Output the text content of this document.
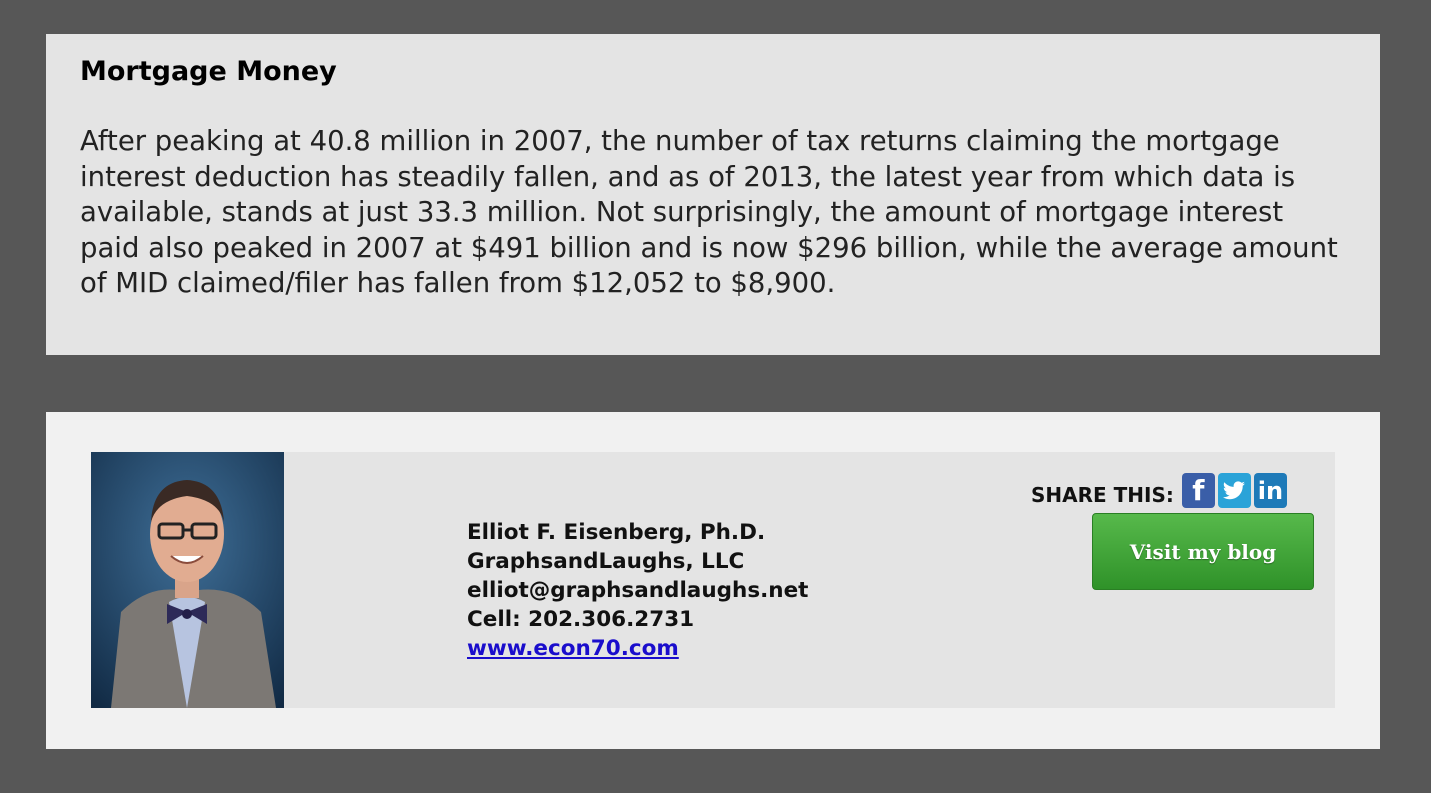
Mortgage Money

After peaking at 40.8 million in 2007, the number of tax returns claiming the mortgage interest deduction has steadily fallen, and as of 2013, the latest year from which data is available, stands at just 33.3 million. Not surprisingly, the amount of mortgage interest paid also peaked in 2007 at $491 billion and is now $296 billion, while the average amount of MID claimed/filer has fallen from $12,052 to $8,900.

Elliot F. Eisenberg, Ph.D.
GraphsandLaughs, LLC
elliot@graphsandlaughs.net
Cell: 202.306.2731
www.econ70.com
SHARE THIS: f	in
Visit my blog
